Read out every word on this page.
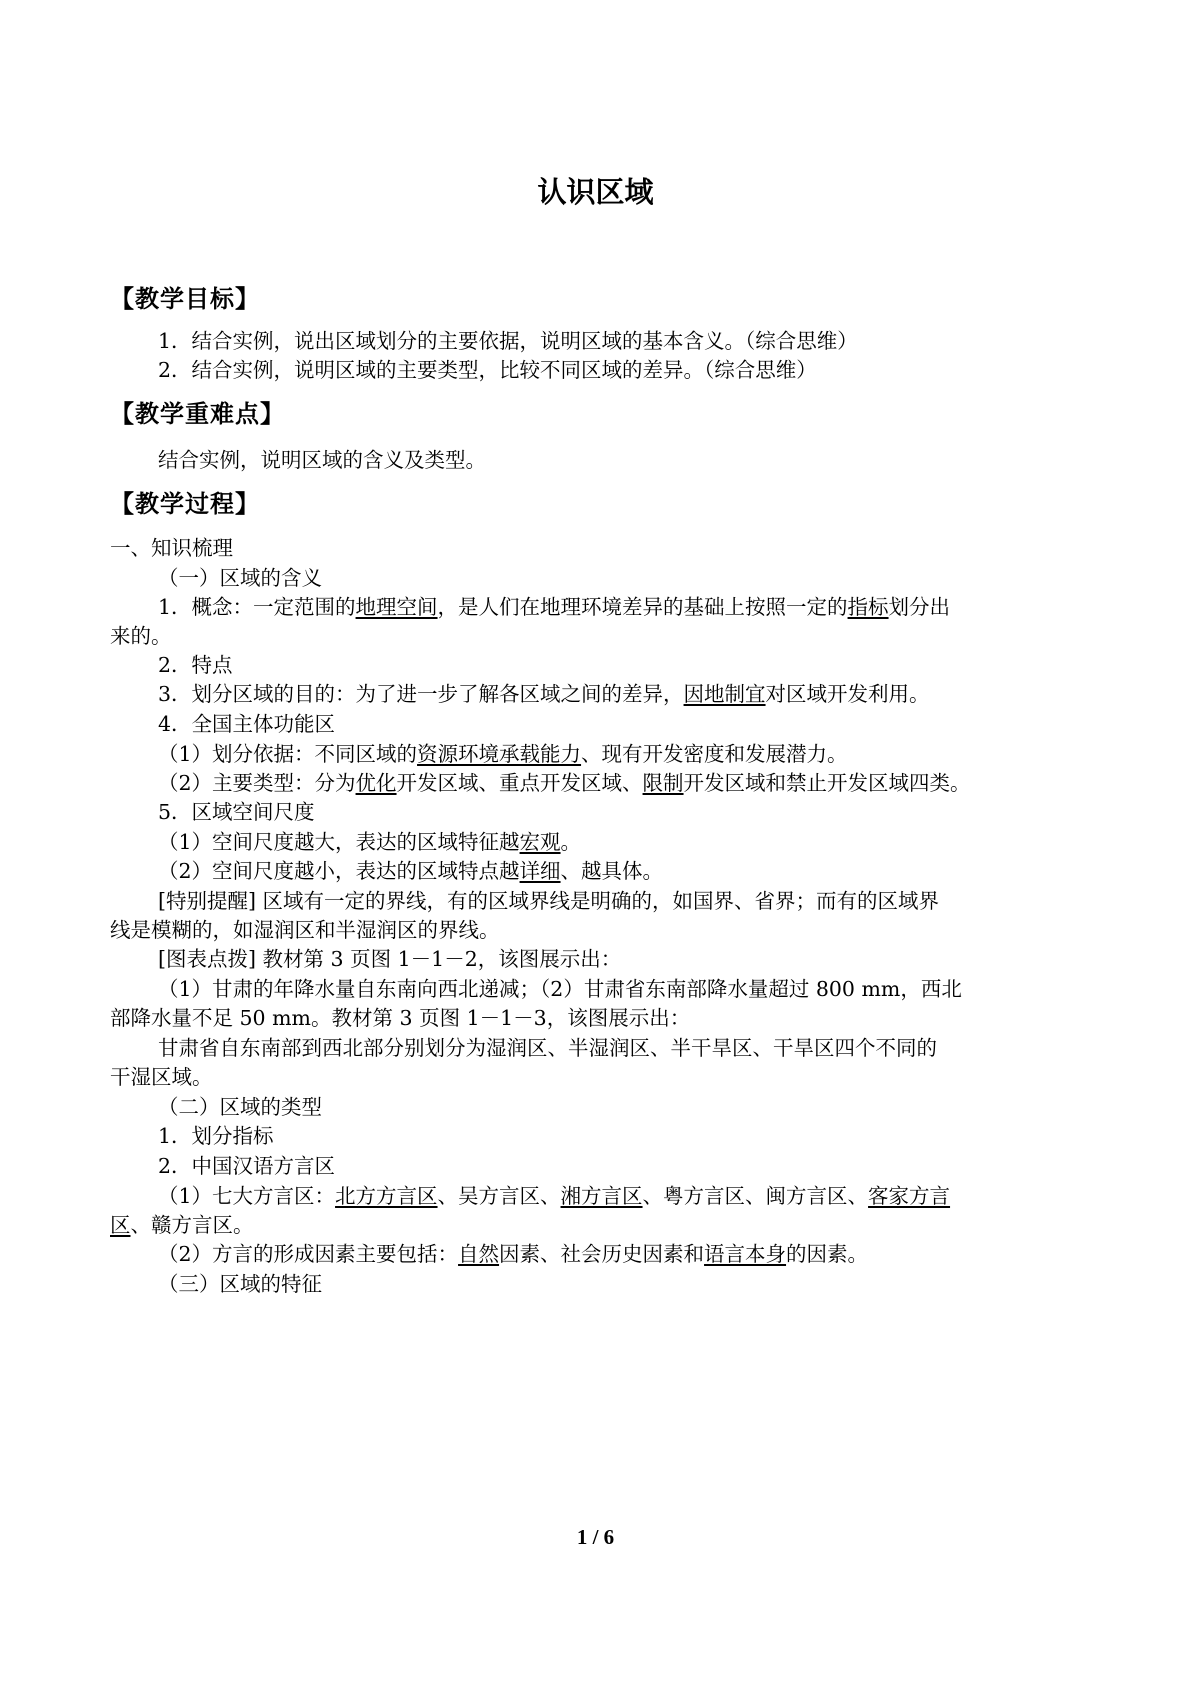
认识区域
【教学目标】
1．结合实例，说出区域划分的主要依据，说明区域的基本含义。（综合思维）
2．结合实例，说明区域的主要类型，比较不同区域的差异。（综合思维）
【教学重难点】
结合实例，说明区域的含义及类型。
【教学过程】
一、知识梳理
（一）区域的含义
1．概念：一定范围的地理空间，是人们在地理环境差异的基础上按照一定的指标划分出
来的。
2．特点
3．划分区域的目的：为了进一步了解各区域之间的差异，因地制宜对区域开发利用。
4．全国主体功能区
（1）划分依据：不同区域的资源环境承载能力、现有开发密度和发展潜力。
（2）主要类型：分为优化开发区域、重点开发区域、限制开发区域和禁止开发区域四类。
5．区域空间尺度
（1）空间尺度越大，表达的区域特征越宏观。
（2）空间尺度越小，表达的区域特点越详细、越具体。
[特别提醒] 区域有一定的界线，有的区域界线是明确的，如国界、省界；而有的区域界
线是模糊的，如湿润区和半湿润区的界线。
[图表点拨] 教材第 3 页图 1－1－2，该图展示出：
（1）甘肃的年降水量自东南向西北递减；（2）甘肃省东南部降水量超过 800 mm，西北
部降水量不足 50 mm。教材第 3 页图 1－1－3，该图展示出：
甘肃省自东南部到西北部分别划分为湿润区、半湿润区、半干旱区、干旱区四个不同的
干湿区域。
（二）区域的类型
1．划分指标
2．中国汉语方言区
（1）七大方言区：北方方言区、吴方言区、湘方言区、粤方言区、闽方言区、客家方言
区、赣方言区。
（2）方言的形成因素主要包括：自然因素、社会历史因素和语言本身的因素。
（三）区域的特征
1 / 6
